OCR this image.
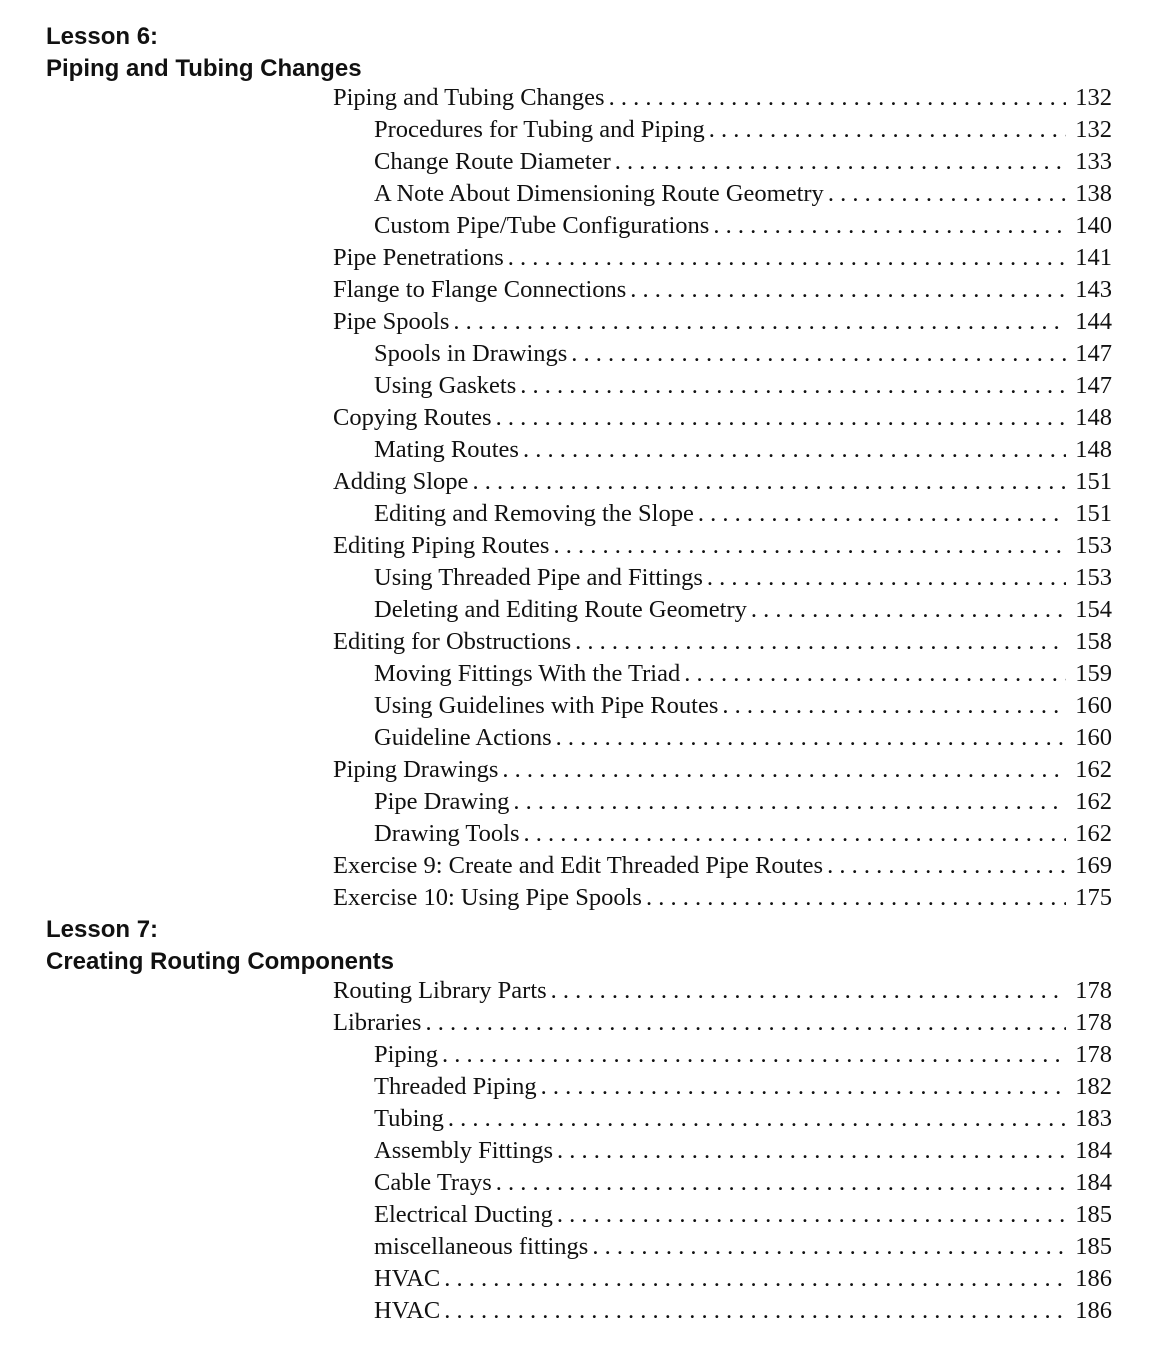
Lesson 6:
Piping and Tubing Changes
Piping and Tubing Changes . . .	132
Procedures for Tubing and Piping . . .	132
Change Route Diameter . . .	133
A Note About Dimensioning Route Geometry . . .	138
Custom Pipe/Tube Configurations . . .	140
Pipe Penetrations . . .	141
Flange to Flange Connections . . .	143
Pipe Spools . . .	144
Spools in Drawings . . .	147
Using Gaskets . . .	147
Copying Routes . . .	148
Mating Routes . . .	148
Adding Slope . . .	151
Editing and Removing the Slope . . .	151
Editing Piping Routes . . .	153
Using Threaded Pipe and Fittings . . .	153
Deleting and Editing Route Geometry . . .	154
Editing for Obstructions . . .	158
Moving Fittings With the Triad . . .	159
Using Guidelines with Pipe Routes . . .	160
Guideline Actions . . .	160
Piping Drawings . . .	162
Pipe Drawing . . .	162
Drawing Tools . . .	162
Exercise 9: Create and Edit Threaded Pipe Routes . . .	169
Exercise 10: Using Pipe Spools . . .	175
Lesson 7:
Creating Routing Components
Routing Library Parts . . .	178
Libraries . . .	178
Piping . . .	178
Threaded Piping . . .	182
Tubing . . .	183
Assembly Fittings . . .	184
Cable Trays . . .	184
Electrical Ducting . . .	185
miscellaneous fittings . . .	185
HVAC . . .	186
HVAC . . .	186
